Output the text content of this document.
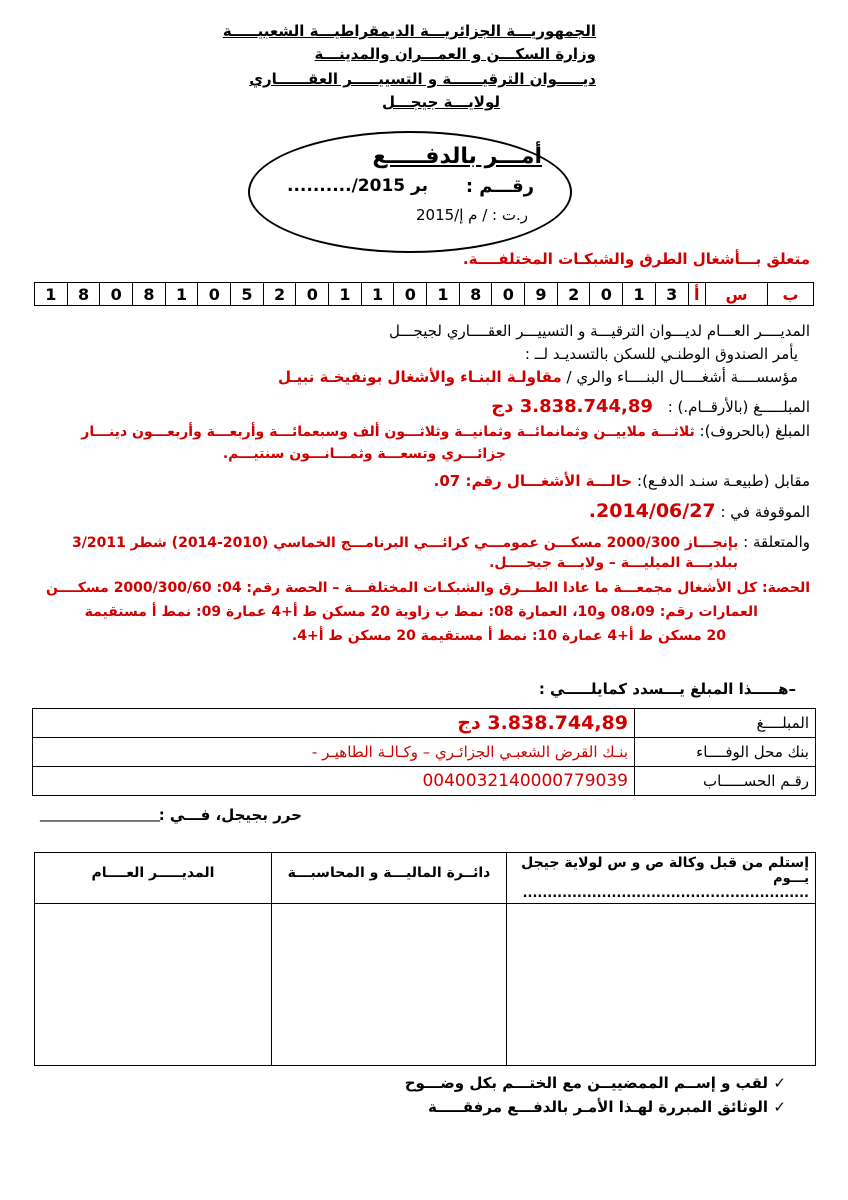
الجمهوريـــة الجزائريـــة الديمقراطيـــة الشعبيـــــة
وزارة السكـــن و العمـــران والمدينـــة
ديـــــوان الترقيــــــة و التسييـــــر العقــــــاري
لولايـــة جيجـــل
أمـــر بالدفـــــع
رقـــم :
........../2015 بر
ر.ت : / م إ/2015
متعلق بـــأشغال الطرق والشبكـات المختلفــــة.
ب	س	أ	3	1	0	2	9	0	8	1	0	1	1	0	2	5	0	1	8	0	8	1
المديــــر العـــام لديـــوان الترقيـــة و التسييـــر العقــــاري لجيجـــل
يأمر الصندوق الوطنـي للسكن بالتسديـد لــ :
مؤسســــة أشغــــال البنــــاء والري / مقاولـة البنـاء والأشغال بونفيخـة نبيـل
المبلـــــغ (بالأرقــام.) : 3.838.744,89 دج
المبلغ (بالحروف): ثلاثـــة ملاييــن وثمانمائــة وثمانيــة وثلاثـــون ألف وسبعمائـــة وأربعـــة وأربعـــون دينـــار
جزائـــري وتسعـــة وثمـــانـــون سنتيـــم.
مقابل (طبيعـة سنـد الدفـع): حالـــة الأشغـــال رقم: 07.
الموقوفة في : 2014/06/27.
والمتعلقة : بإنجـــاز 2000/300 مسكـــن عمومـــي كرائـــي البرنامـــج الخماسي (2010-2014) شطر 3/2011
ببلديـــة الميليـــة – ولايـــة جيجــــل.
الحصة: كل الأشغال مجمعـــة ما عادا الطـــرق والشبكـات المختلفـــة – الحصة رقم: 04: 2000/300/60 مسكــــن
العمارات رقم: 08،09 و10، العمارة 08: نمط ب زاوية 20 مسكن ط أ+4 عمارة 09: نمط أ مستقيمة
20 مسكن ط أ+4 عمارة 10: نمط أ مستقيمة 20 مسكن ط أ+4.
–هـــــذا المبلغ يـــسدد كمايلـــــي :
المبلــــغ	3.838.744,89 دج
بنك محل الوفــــاء	بنـك القرض الشعبـي الجزائـري – وكـالـة الطاهيـر -
رقـم الحســـــاب	0040032140000779039
حرر بجيجل، فـــي :
________________
إستلم من قبل وكالة ص و س لولاية جيجل
يـــوم ..........................................................	دائــرة الماليـــة و المحاسبـــة	المديـــــر العــــام

✓
لقب و إســم الممضييــن مع الختـــم بكل وضـــوح
✓
الوثائق المبررة لهـذا الأمـر بالدفـــع مرفقـــــة
